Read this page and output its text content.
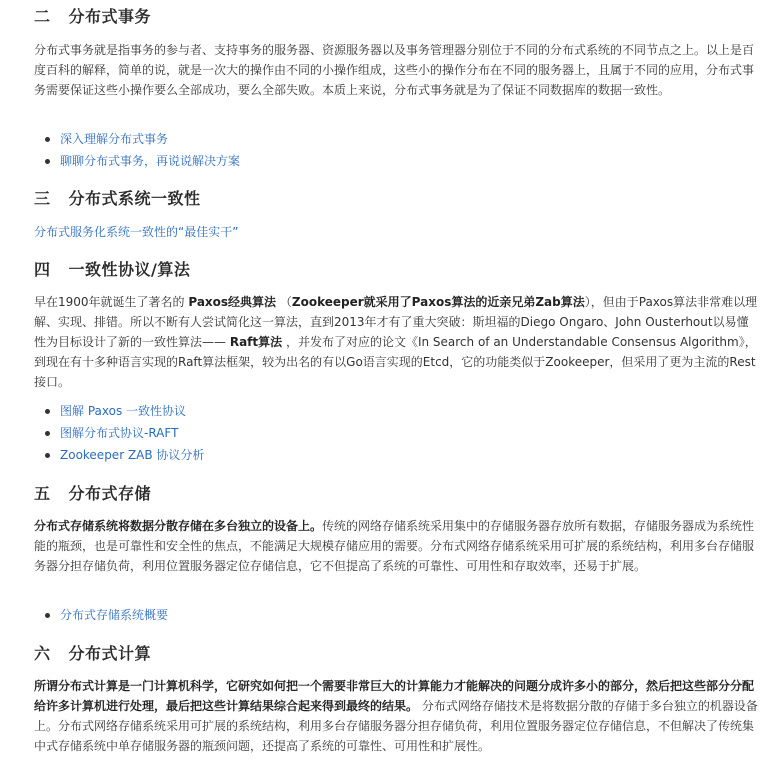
二 分布式事务

分布式事务就是指事务的参与者、支持事务的服务器、资源服务器以及事务管理器分别位于不同的分布式系统的不同节点之上。以上是百度百科的解释，简单的说，就是一次大的操作由不同的小操作组成，这些小的操作分布在不同的服务器上，且属于不同的应用，分布式事务需要保证这些小操作要么全部成功，要么全部失败。本质上来说，分布式事务就是为了保证不同数据库的数据一致性。

深入理解分布式事务
聊聊分布式事务，再说说解决方案
三 分布式系统一致性

分布式服务化系统一致性的“最佳实干”

四 一致性协议/算法

早在1900年就诞生了著名的 Paxos经典算法 （Zookeeper就采用了Paxos算法的近亲兄弟Zab算法），但由于Paxos算法非常难以理解、实现、排错。所以不断有人尝试简化这一算法，直到2013年才有了重大突破：斯坦福的Diego Ongaro、John Ousterhout以易懂性为目标设计了新的一致性算法—— Raft算法 ，并发布了对应的论文《In Search of an Understandable Consensus Algorithm》，到现在有十多种语言实现的Raft算法框架，较为出名的有以Go语言实现的Etcd，它的功能类似于Zookeeper，但采用了更为主流的Rest接口。

图解 Paxos 一致性协议
图解分布式协议-RAFT
Zookeeper ZAB 协议分析
五 分布式存储

分布式存储系统将数据分散存储在多台独立的设备上。传统的网络存储系统采用集中的存储服务器存放所有数据，存储服务器成为系统性能的瓶颈，也是可靠性和安全性的焦点，不能满足大规模存储应用的需要。分布式网络存储系统采用可扩展的系统结构，利用多台存储服务器分担存储负荷，利用位置服务器定位存储信息，它不但提高了系统的可靠性、可用性和存取效率，还易于扩展。

分布式存储系统概要
六 分布式计算

所谓分布式计算是一门计算机科学，它研究如何把一个需要非常巨大的计算能力才能解决的问题分成许多小的部分，然后把这些部分分配给许多计算机进行处理，最后把这些计算结果综合起来得到最终的结果。 分布式网络存储技术是将数据分散的存储于多台独立的机器设备上。分布式网络存储系统采用可扩展的系统结构，利用多台存储服务器分担存储负荷，利用位置服务器定位存储信息，不但解决了传统集中式存储系统中单存储服务器的瓶颈问题，还提高了系统的可靠性、可用性和扩展性。
